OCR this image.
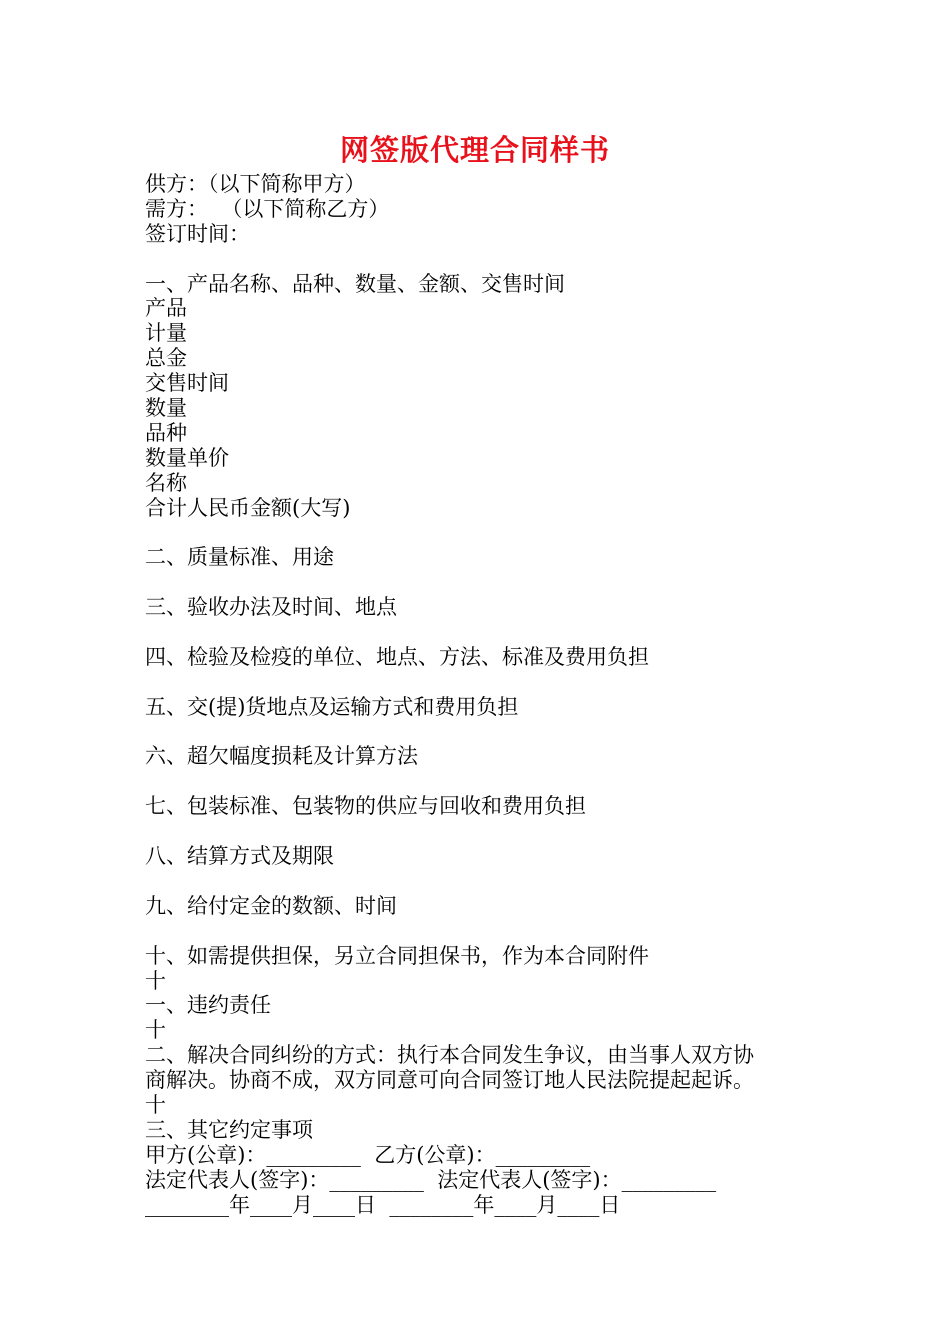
网签版代理合同样书
供方：（以下简称甲方）
需方：  （以下简称乙方）
签订时间：
一、产品名称、品种、数量、金额、交售时间
产品
计量
总金
交售时间
数量
品种
数量单价
名称
合计人民币金额(大写)
二、质量标准、用途
三、验收办法及时间、地点
四、检验及检疫的单位、地点、方法、标准及费用负担
五、交(提)货地点及运输方式和费用负担
六、超欠幅度损耗及计算方法
七、包装标准、包装物的供应与回收和费用负担
八、结算方式及期限
九、给付定金的数额、时间
十、如需提供担保，另立合同担保书，作为本合同附件
十
一、违约责任
十
二、解决合同纠纷的方式：执行本合同发生争议，由当事人双方协
商解决。协商不成，双方同意可向合同签订地人民法院提起起诉。
十
三、其它约定事项
甲方(公章)：_________  乙方(公章)：_________
法定代表人(签字)：_________  法定代表人(签字)：_________
________年____月____日  ________年____月____日
